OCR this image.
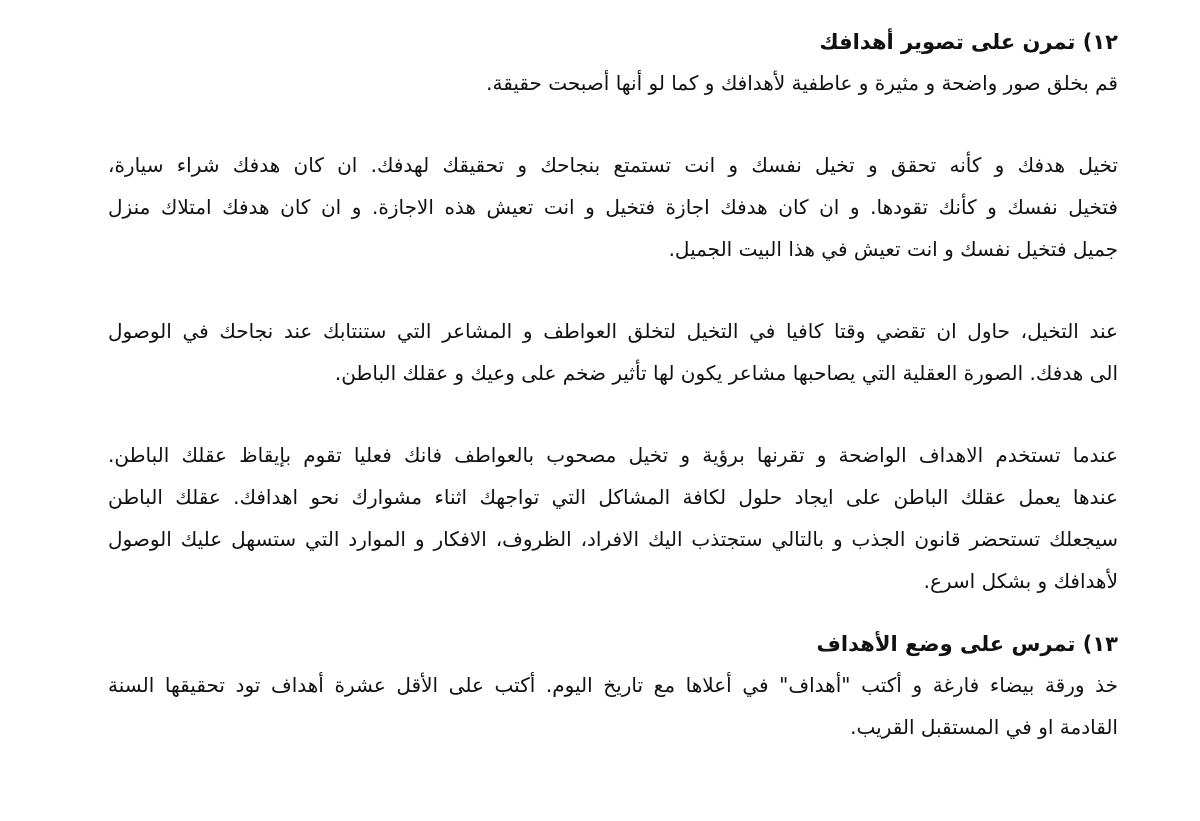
١٢) تمرن على تصوير أهدافك

قم بخلق صور واضحة و مثيرة و عاطفية لأهدافك و كما لو أنها أصبحت حقيقة.

تخيل هدفك و كأنه تحقق و تخيل نفسك و انت تستمتع بنجاحك و تحقيقك لهدفك. ان كان هدفك شراء سيارة،

فتخيل نفسك و كأنك تقودها. و ان كان هدفك اجازة فتخيل و انت تعيش هذه الاجازة. و ان كان هدفك امتلاك منزل

جميل فتخيل نفسك و انت تعيش في هذا البيت الجميل.

عند التخيل، حاول ان تقضي وقتا كافيا في التخيل لتخلق العواطف و المشاعر التي ستنتابك عند نجاحك في الوصول

الى هدفك. الصورة العقلية التي يصاحبها مشاعر يكون لها تأثير ضخم على وعيك و عقلك الباطن.

عندما تستخدم الاهداف الواضحة و تقرنها برؤية و تخيل مصحوب بالعواطف فانك فعليا تقوم بإيقاظ عقلك الباطن.

عندها يعمل عقلك الباطن على ايجاد حلول لكافة المشاكل التي تواجهك اثناء مشوارك نحو اهدافك. عقلك الباطن

سيجعلك تستحضر قانون الجذب و بالتالي ستجتذب اليك الافراد، الظروف، الافكار و الموارد التي ستسهل عليك الوصول

لأهدافك و بشكل اسرع.

١٣) تمرس على وضع الأهداف

خذ ورقة بيضاء فارغة و أكتب "أهداف" في أعلاها مع تاريخ اليوم. أكتب على الأقل عشرة أهداف تود تحقيقها السنة

القادمة او في المستقبل القريب.
